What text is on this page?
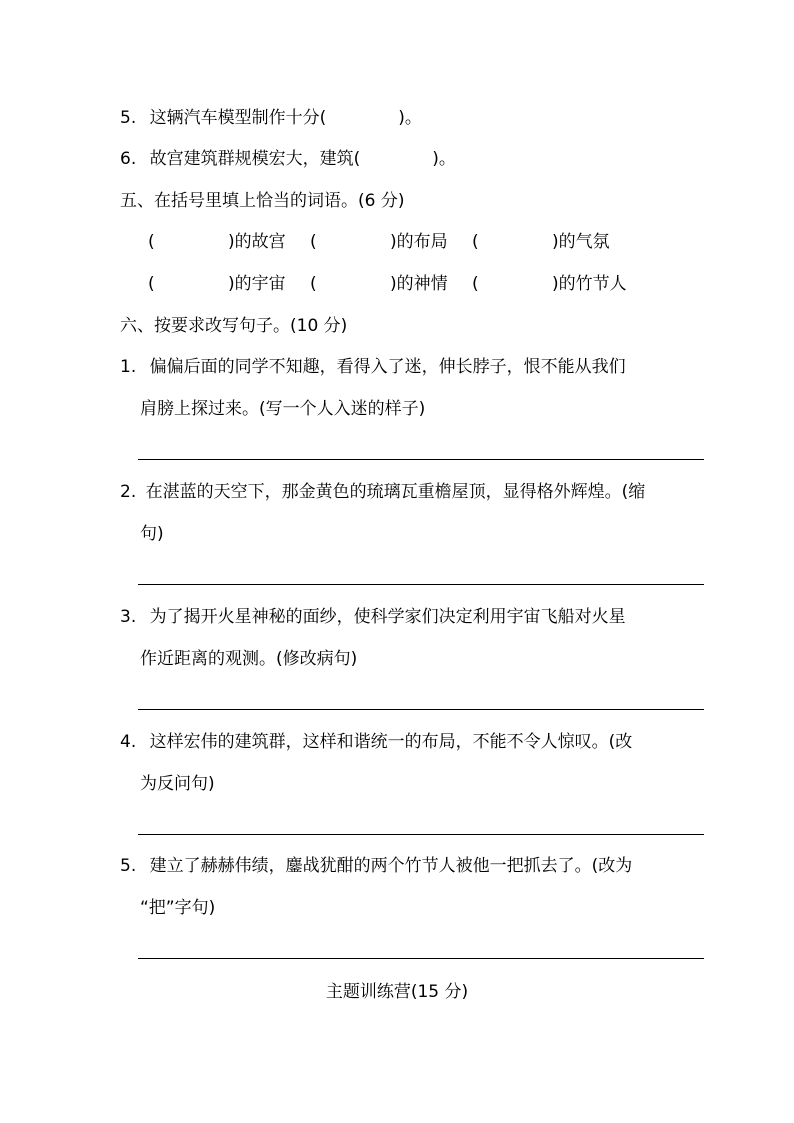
5. 这辆汽车模型制作十分(	)。
6. 故宫建筑群规模宏大，建筑(	)。
五、在括号里填上恰当的词语。(6 分)
(	)的故宫 (	)的布局 (	)的气氛
(	)的宇宙 (	)的神情 (	)的竹节人
六、按要求改写句子。(10 分)
1. 偏偏后面的同学不知趣，看得入了迷，伸长脖子，恨不能从我们
肩膀上探过来。(写一个人入迷的样子)
2. 在湛蓝的天空下，那金黄色的琉璃瓦重檐屋顶，显得格外辉煌。(缩
句)
3. 为了揭开火星神秘的面纱，使科学家们决定利用宇宙飞船对火星
作近距离的观测。(修改病句)
4. 这样宏伟的建筑群，这样和谐统一的布局，不能不令人惊叹。(改
为反问句)
5. 建立了赫赫伟绩，鏖战犹酣的两个竹节人被他一把抓去了。(改为
“把”字句)
主题训练营(15 分)
